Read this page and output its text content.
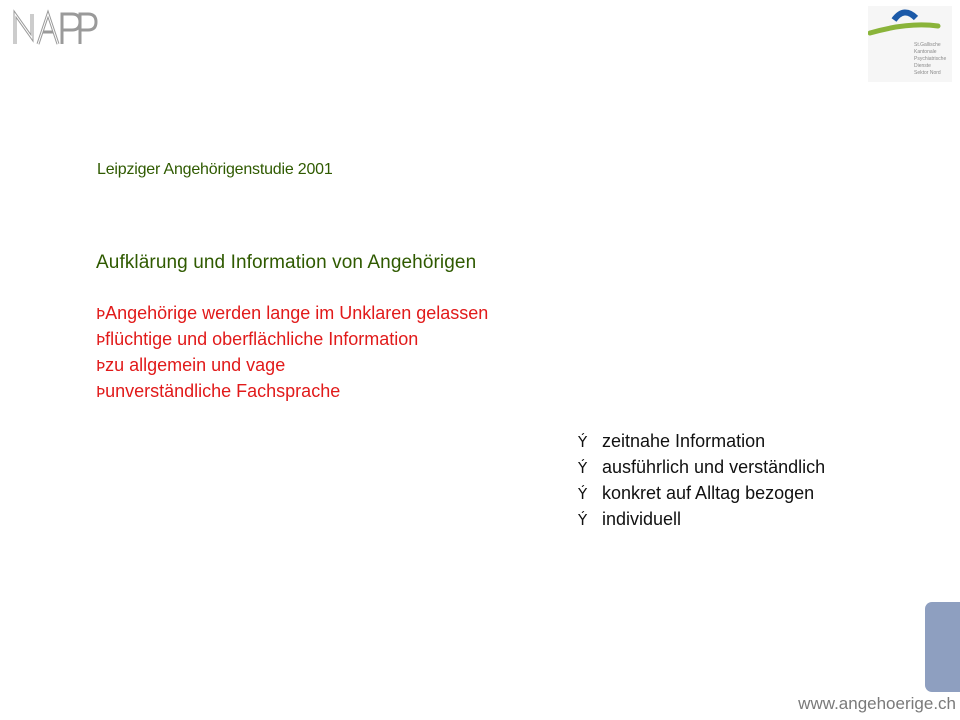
St.Gallische
Kantonale
Psychiatrische
Dienste
Sektor Nord
Leipziger Angehörigenstudie 2001
Aufklärung und Information von Angehörigen
ÞAngehörige werden lange im Unklaren gelassen
Þflüchtige und oberflächliche Information
Þzu allgemein und vage
Þunverständliche Fachsprache
Ý zeitnahe Information
Ý ausführlich und verständlich
Ý konkret auf Alltag bezogen
Ý individuell
www.angehoerige.ch
